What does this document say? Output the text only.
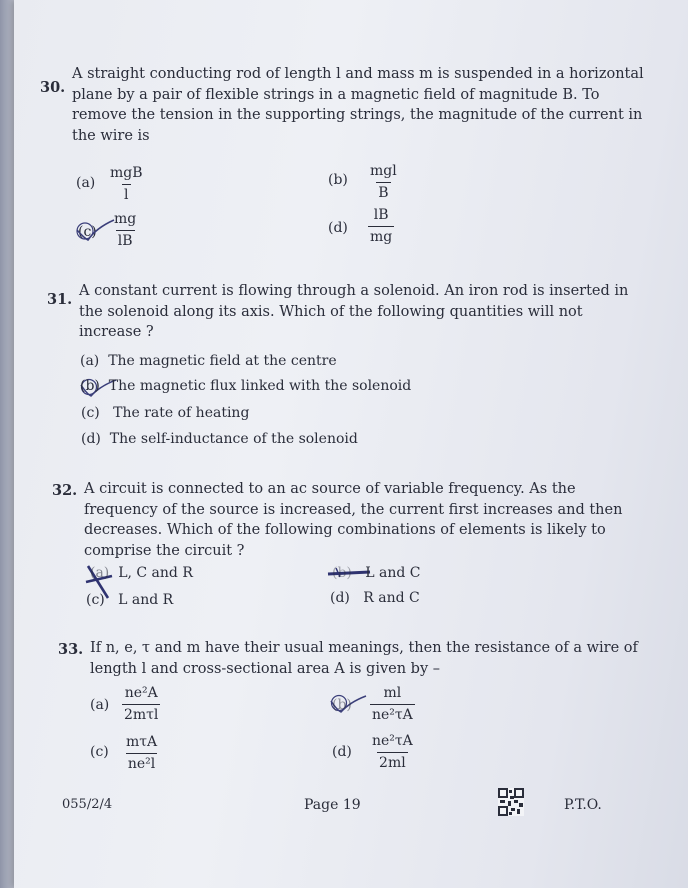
30.
A straight conducting rod of length l and mass m is suspended in a horizontal
plane by a pair of flexible strings in a magnetic field of magnitude B. To
remove the tension in the supporting strings, the magnitude of the current in
the wire is
(a)
mgB
l
(b)
mgl
B
$(c) \frac{mg}{lB}$	$(d) \frac{lB}{mg}$
31. A constant current is flowing through a solenoid. An iron rod is inserted in
the solenoid along its axis. Which of the following quantities will not
increase ?
(a) The magnetic field at the centre
(b) The magnetic flux linked with the solenoid
(c) The rate of heating
(d) The self-inductance of the solenoid
32. A circuit is connected to an ac source of variable frequency. As the
frequency of the source is increased, the current first increases and then
decreases. Which of the following combinations of elements is likely to
comprise the circuit ?
(a) L, C and R	(b) L and C
(c) L and R	(d) R and C
33. If n, e, τ and m have their usual meanings, then the resistance of a wire of
length l and cross-sectional area A is given by –
(a)
ne²A
2mτl
$(b) \frac{ml}{\text{ne²τA}}$
(c)
mτA
ne²l
$(d) \frac{\text{ne²τA}}{2ml}$
055/2/4	Page 19	P.T.O.
